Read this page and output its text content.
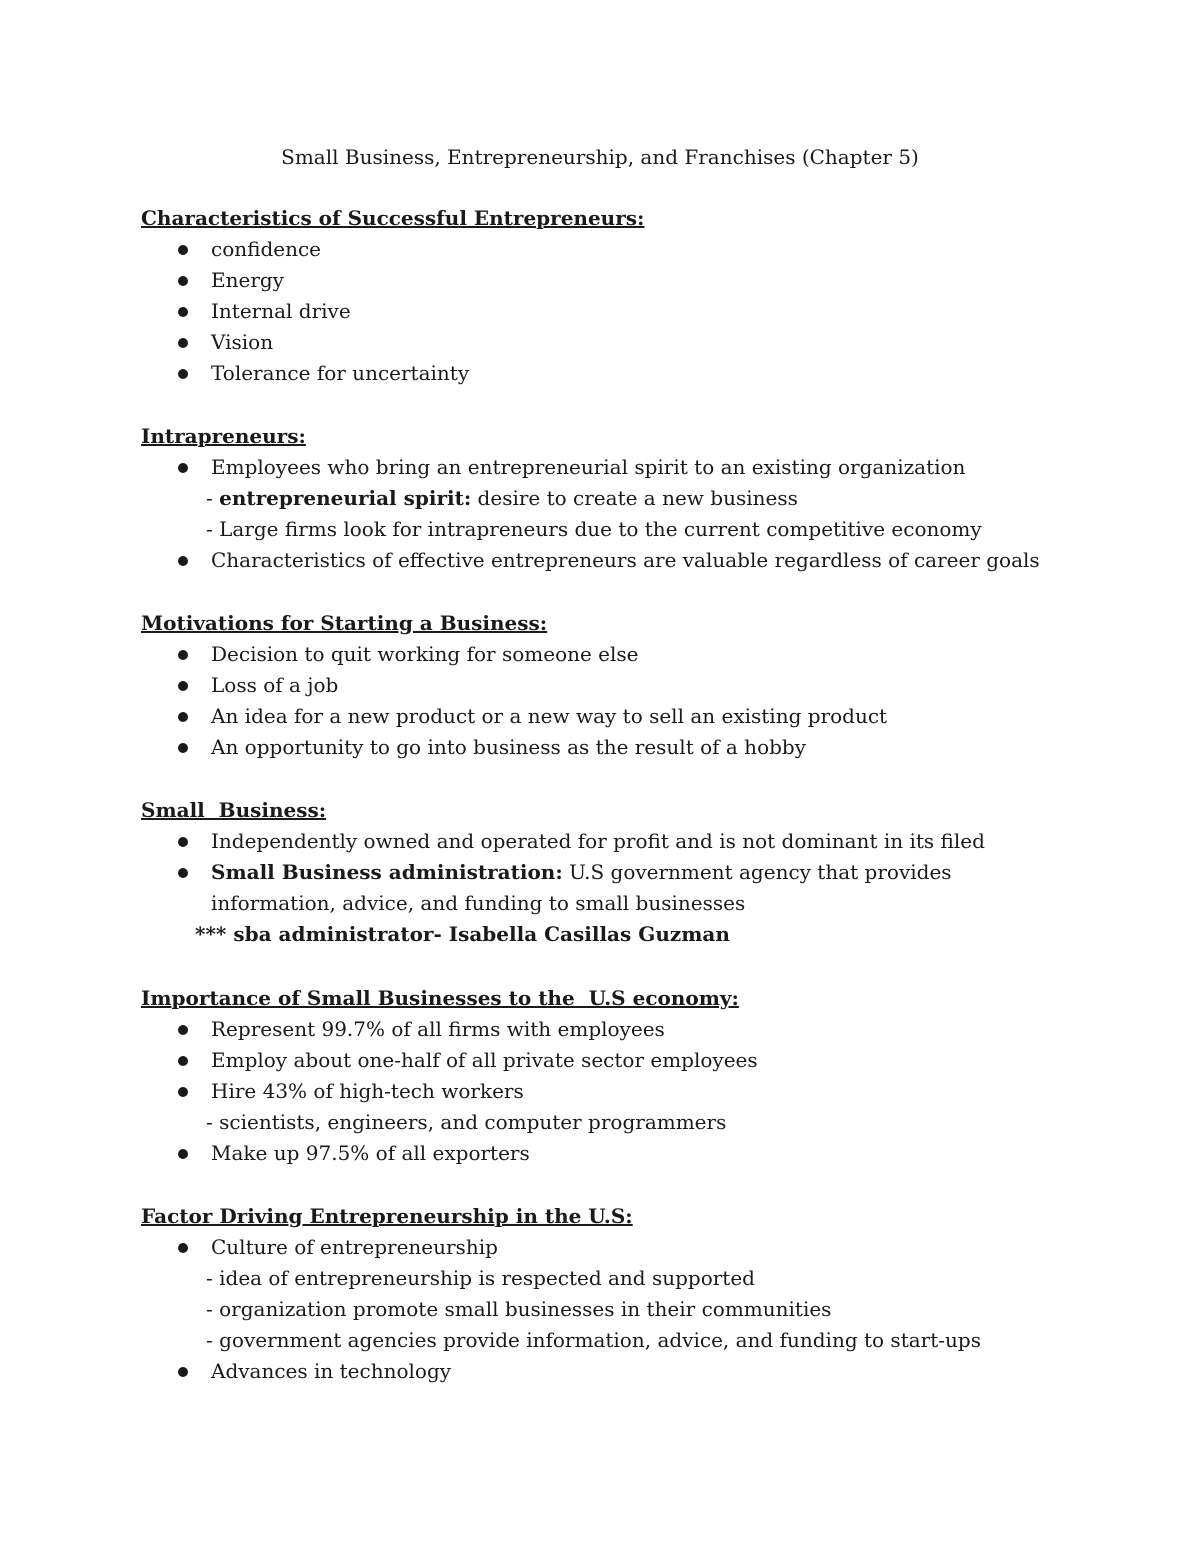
Small Business, Entrepreneurship, and Franchises (Chapter 5)
Characteristics of Successful Entrepreneurs:
confidence
Energy
Internal drive
Vision
Tolerance for uncertainty
Intrapreneurs:
Employees who bring an entrepreneurial spirit to an existing organization
- entrepreneurial spirit: desire to create a new business
- Large firms look for intrapreneurs due to the current competitive economy
Characteristics of effective entrepreneurs are valuable regardless of career goals
Motivations for Starting a Business:
Decision to quit working for someone else
Loss of a job
An idea for a new product or a new way to sell an existing product
An opportunity to go into business as the result of a hobby
Small  Business:
Independently owned and operated for profit and is not dominant in its filed
Small Business administration: U.S government agency that provides information, advice, and funding to small businesses
*** sba administrator- Isabella Casillas Guzman
Importance of Small Businesses to the  U.S economy:
Represent 99.7% of all firms with employees
Employ about one-half of all private sector employees
Hire 43% of high-tech workers
- scientists, engineers, and computer programmers
Make up 97.5% of all exporters
Factor Driving Entrepreneurship in the U.S:
Culture of entrepreneurship
- idea of entrepreneurship is respected and supported
- organization promote small businesses in their communities
- government agencies provide information, advice, and funding to start-ups
Advances in technology
